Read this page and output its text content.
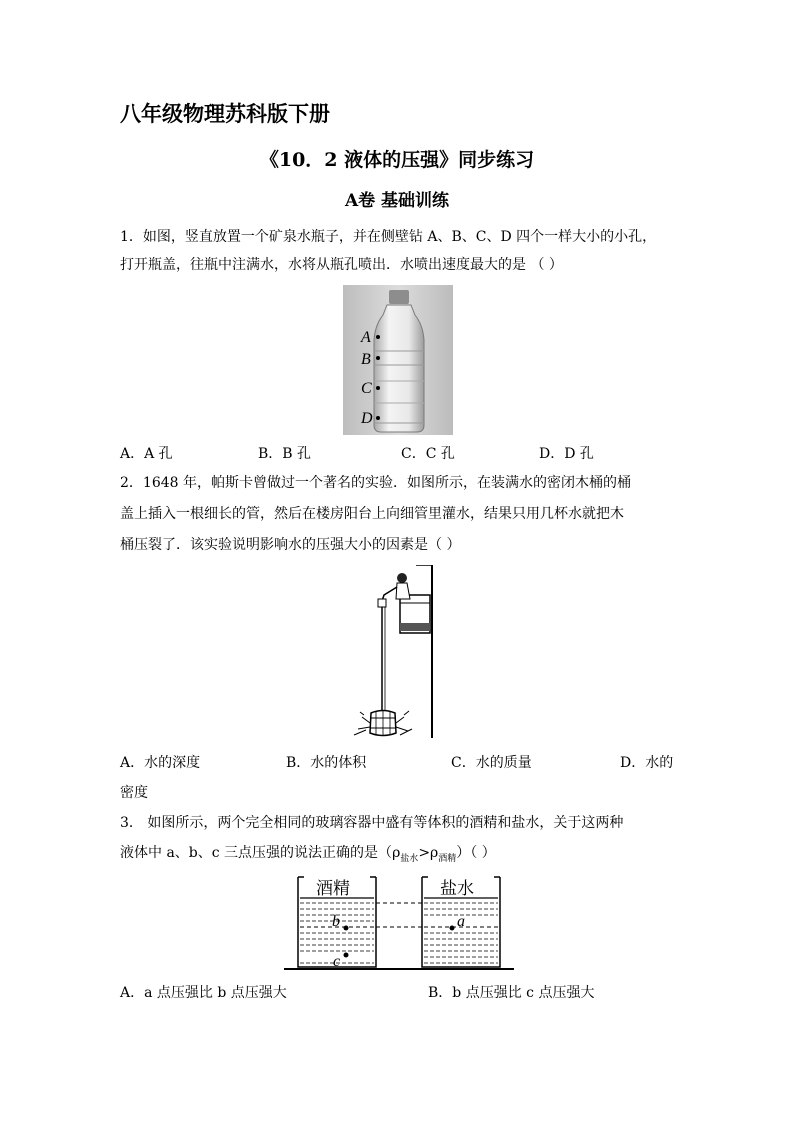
八年级物理苏科版下册
《10．2 液体的压强》同步练习
A卷 基础训练
1．如图，竖直放置一个矿泉水瓶子，并在侧壁钻 A、B、C、D 四个一样大小的小孔，
打开瓶盖，往瓶中注满水，水将从瓶孔喷出．水喷出速度最大的是 （ ）
A
B
C
D
A．A 孔	B．B 孔	C．C 孔	D．D 孔
2．1648 年，帕斯卡曾做过一个著名的实验．如图所示，在装满水的密闭木桶的桶
盖上插入一根细长的管，然后在楼房阳台上向细管里灌水，结果只用几杯水就把木
桶压裂了．该实验说明影响水的压强大小的因素是（ ）
A．水的深度	B．水的体积	C．水的质量	D．水的
密度
3． 如图所示，两个完全相同的玻璃容器中盛有等体积的酒精和盐水，关于这两种
液体中 a、b、c 三点压强的说法正确的是$(\rho_{盐水}>\rho_{酒精})$（ ）
酒精	盐水
b
c
a
A．a 点压强比 b 点压强大	B．b 点压强比 c 点压强大
